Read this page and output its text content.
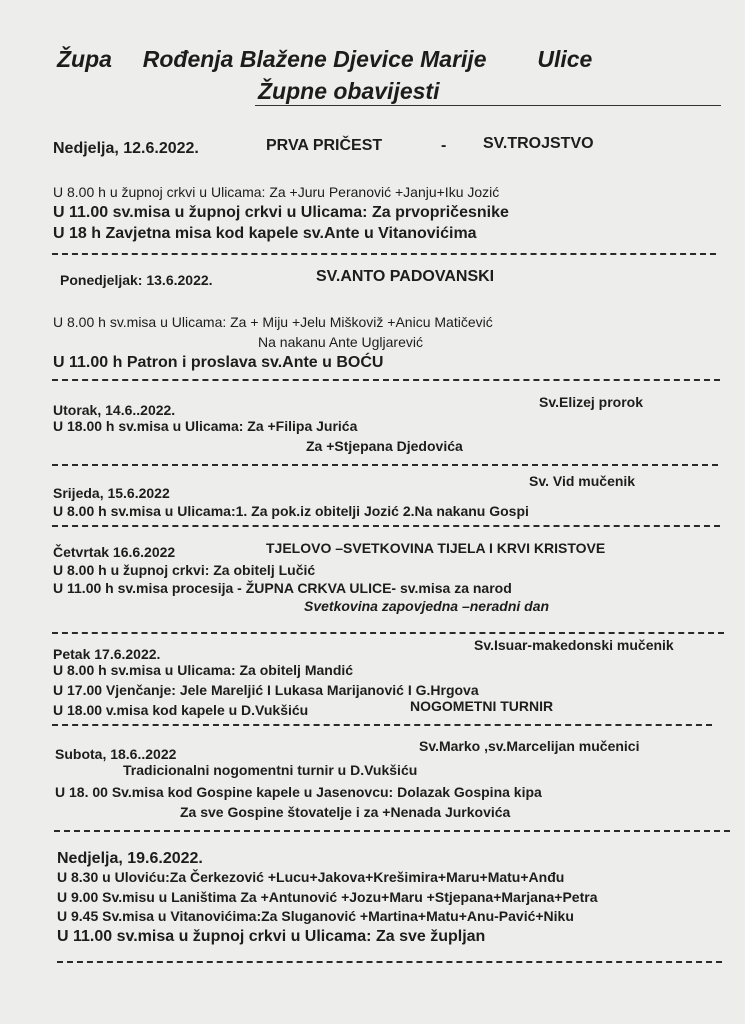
Župa Rođenja Blažene Djevice Marije Ulice
Župne obavijesti
Nedjelja, 12.6.2022.	PRVA PRIČEST	- SV.TROJSTVO
U 8.00 h u župnoj crkvi u Ulicama: Za +Juru Peranović +Janju+Iku Jozić
U 11.00 sv.misa u župnoj crkvi u Ulicama: Za prvopričesnike
U 18 h Zavjetna misa kod kapele sv.Ante u Vitanovićima
Ponedjeljak: 13.6.2022.	SV.ANTO PADOVANSKI
U 8.00 h sv.misa u Ulicama: Za + Miju +Jelu Miškoviž +Anicu Matičević
Na nakanu Ante Ugljarević
U 11.00 h Patron i proslava sv.Ante u BOĆU
Utorak, 14.6..2022.	Sv.Elizej prorok
U 18.00 h sv.misa u Ulicama: Za +Filipa Jurića
Za +Stjepana Djedovića
Srijeda, 15.6.2022
Sv. Vid mučenik
U 8.00 h sv.misa u Ulicama:1. Za pok.iz obitelji Jozić 2.Na nakanu Gospi
Četvrtak 16.6.2022	TJELOVO –SVETKOVINA TIJELA I KRVI KRISTOVE
U 8.00 h u župnoj crkvi: Za obitelj Lučić
U 11.00 h sv.misa procesija - ŽUPNA CRKVA ULICE- sv.misa za narod
Svetkovina zapovjedna –neradni dan
Petak 17.6.2022.
Sv.Isuar-makedonski mučenik
U 8.00 h sv.misa u Ulicama: Za obitelj Mandić
U 17.00 Vjenčanje: Jele Mareljić I Lukasa Marijanović I G.Hrgova
U 18.00 v.misa kod kapele u D.Vukšiću	NOGOMETNI TURNIR
Subota, 18.6..2022	Sv.Marko ,sv.Marcelijan mučenici
Tradicionalni nogomentni turnir u D.Vukšiću
U 18. 00 Sv.misa kod Gospine kapele u Jasenovcu: Dolazak Gospina kipa
Za sve Gospine štovatelje i za +Nenada Jurkovića
Nedjelja, 19.6.2022.
U 8.30 u Uloviću:Za Čerkezović +Lucu+Jakova+Krešimira+Maru+Matu+Anđu
U 9.00 Sv.misu u Laništima Za +Antunović +Jozu+Maru +Stjepana+Marjana+Petra
U 9.45 Sv.misa u Vitanovićima:Za Sluganović +Martina+Matu+Anu-Pavić+Niku
U 11.00 sv.misa u župnoj crkvi u Ulicama: Za sve župljan
